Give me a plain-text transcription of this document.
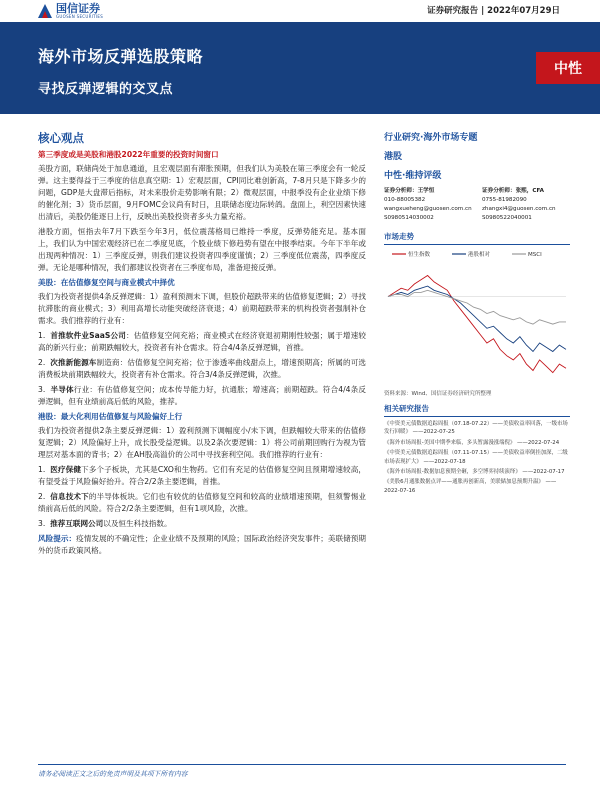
国信证券
GUOSEN SECURITIES
证券研究报告 | 2022年07月29日
海外市场反弹选股策略
寻找反弹逻辑的交叉点
中性
核心观点
第三季度或是美股和港股2022年重要的投资时间窗口
美股方面，联储尚处于加息通道，且宏观层面有滞胀预期，但我们认为美股在第三季度会有一轮反弹。这主要得益于三季度的信息真空期：1）宏观层面，CPI同比难创新高，7-8月只是下降多少的问题，GDP是大盘滞后指标，对未来股价走势影响有限；2）微观层面，中报季没有企业业绩下修的催化剂；3）货币层面，9月FOMC会议尚有时日，且联储态度边际转鸽。盘面上，利空因素快速出清后，美股仍能逐日上行，反映出美股投资者多头力量充裕。
港股方面，恒指去年7月下跌至今年3月，低位震荡格局已维持一季度，反弹势能充足。基本面上，我们认为中国宏观经济已在二季度见底，个股业绩下修趋势有望在中报季结束。今年下半年或出现两种情况：1）三季度反弹，则我们建议投资者四季度谨慎；2）三季度低位震荡，四季度反弹。无论是哪种情况，我们都建议投资者在三季度布局，准备迎接反弹。
美股：在估值修复空间与商业模式中择优
我们为投资者提供4条反弹逻辑：1）盈利预测未下调，但股价超跌带来的估值修复逻辑；2）寻找抗滞胀的商业模式；3）利用高增长动能突破经济衰退；4）前期超跌带来的机构投资者强制补仓需求。我们推荐的行业有：
1. 首推软件业SaaS公司：估值修复空间充裕；商业模式在经济衰退初期刚性较强；属于增速较高的新兴行业；前期跌幅较大，投资者有补仓需求。符合4/4条反弹逻辑，首推。
2. 次推新能源车制造商：估值修复空间充裕；位于渗透率曲线甜点上，增速预期高；所属的可选消费板块前期跌幅较大，投资者有补仓需求。符合3/4条反弹逻辑，次推。
3. 半导体行业：有估值修复空间；成本传导能力好，抗通胀；增速高；前期超跌。符合4/4条反弹逻辑，但有业绩前高后低的风险，推荐。
港股：最大化利用估值修复与风险偏好上行
我们为投资者提供2条主要反弹逻辑：1）盈利预测下调幅度小/未下调，但跌幅较大带来的估值修复逻辑；2）风险偏好上升，成长股受益逻辑。以及2条次要逻辑：1）将公司前期回购行为视为管理层对基本面的背书；2）在AH股高溢价的公司中寻找套利空间。我们推荐的行业有：
1. 医疗保健下多个子板块，尤其是CXO和生物药。它们有充足的估值修复空间且预期增速较高，有望受益于风险偏好抬升。符合2/2条主要逻辑，首推。
2. 信息技术下的半导体板块。它们也有较优的估值修复空间和较高的业绩增速预期，但须警惕业绩前高后低的风险。符合2/2条主要逻辑，但有1项风险，次推。
3. 推荐互联网公司以及恒生科技指数。
风险提示：疫情发展的不确定性；企业业绩不及预期的风险；国际政治经济突发事件；美联储预期外的货币政策风格。
行业研究·海外市场专题
港股
中性·维持评级
证券分析师：王学恒
010-88005382
wangxueheng@guosen.com.cn
S0980514030002
证券分析师：张熙，CFA
0755-81982090
zhangxi4@guosen.com.cn
S0980522040001
市场走势
恒生指数	港股相对	MSCI
资料来源：Wind、国信证券经济研究所整理
相关研究报告
《中资美元债数据追踪周报（07.18-07.22）——美债收益率回落，一级市场发行回暖》 ——2022-07-25
《海外市场周报-美国中期季来临，多头暂露漫涨端倪》 ——2022-07-24
《中资美元债数据追踪周报（07.11-07.15）——美债收益率倒挂加深，二级市场表现扩大》 ——2022-07-18
《海外市场周报-数据加息预期全砸，多空博弈持续演绎》 ——2022-07-17
《美股6月通胀数据点评——通胀再创新高，美联储加息预期升温》 ——2022-07-16
请务必阅读正文之后的免责声明及其项下所有内容
